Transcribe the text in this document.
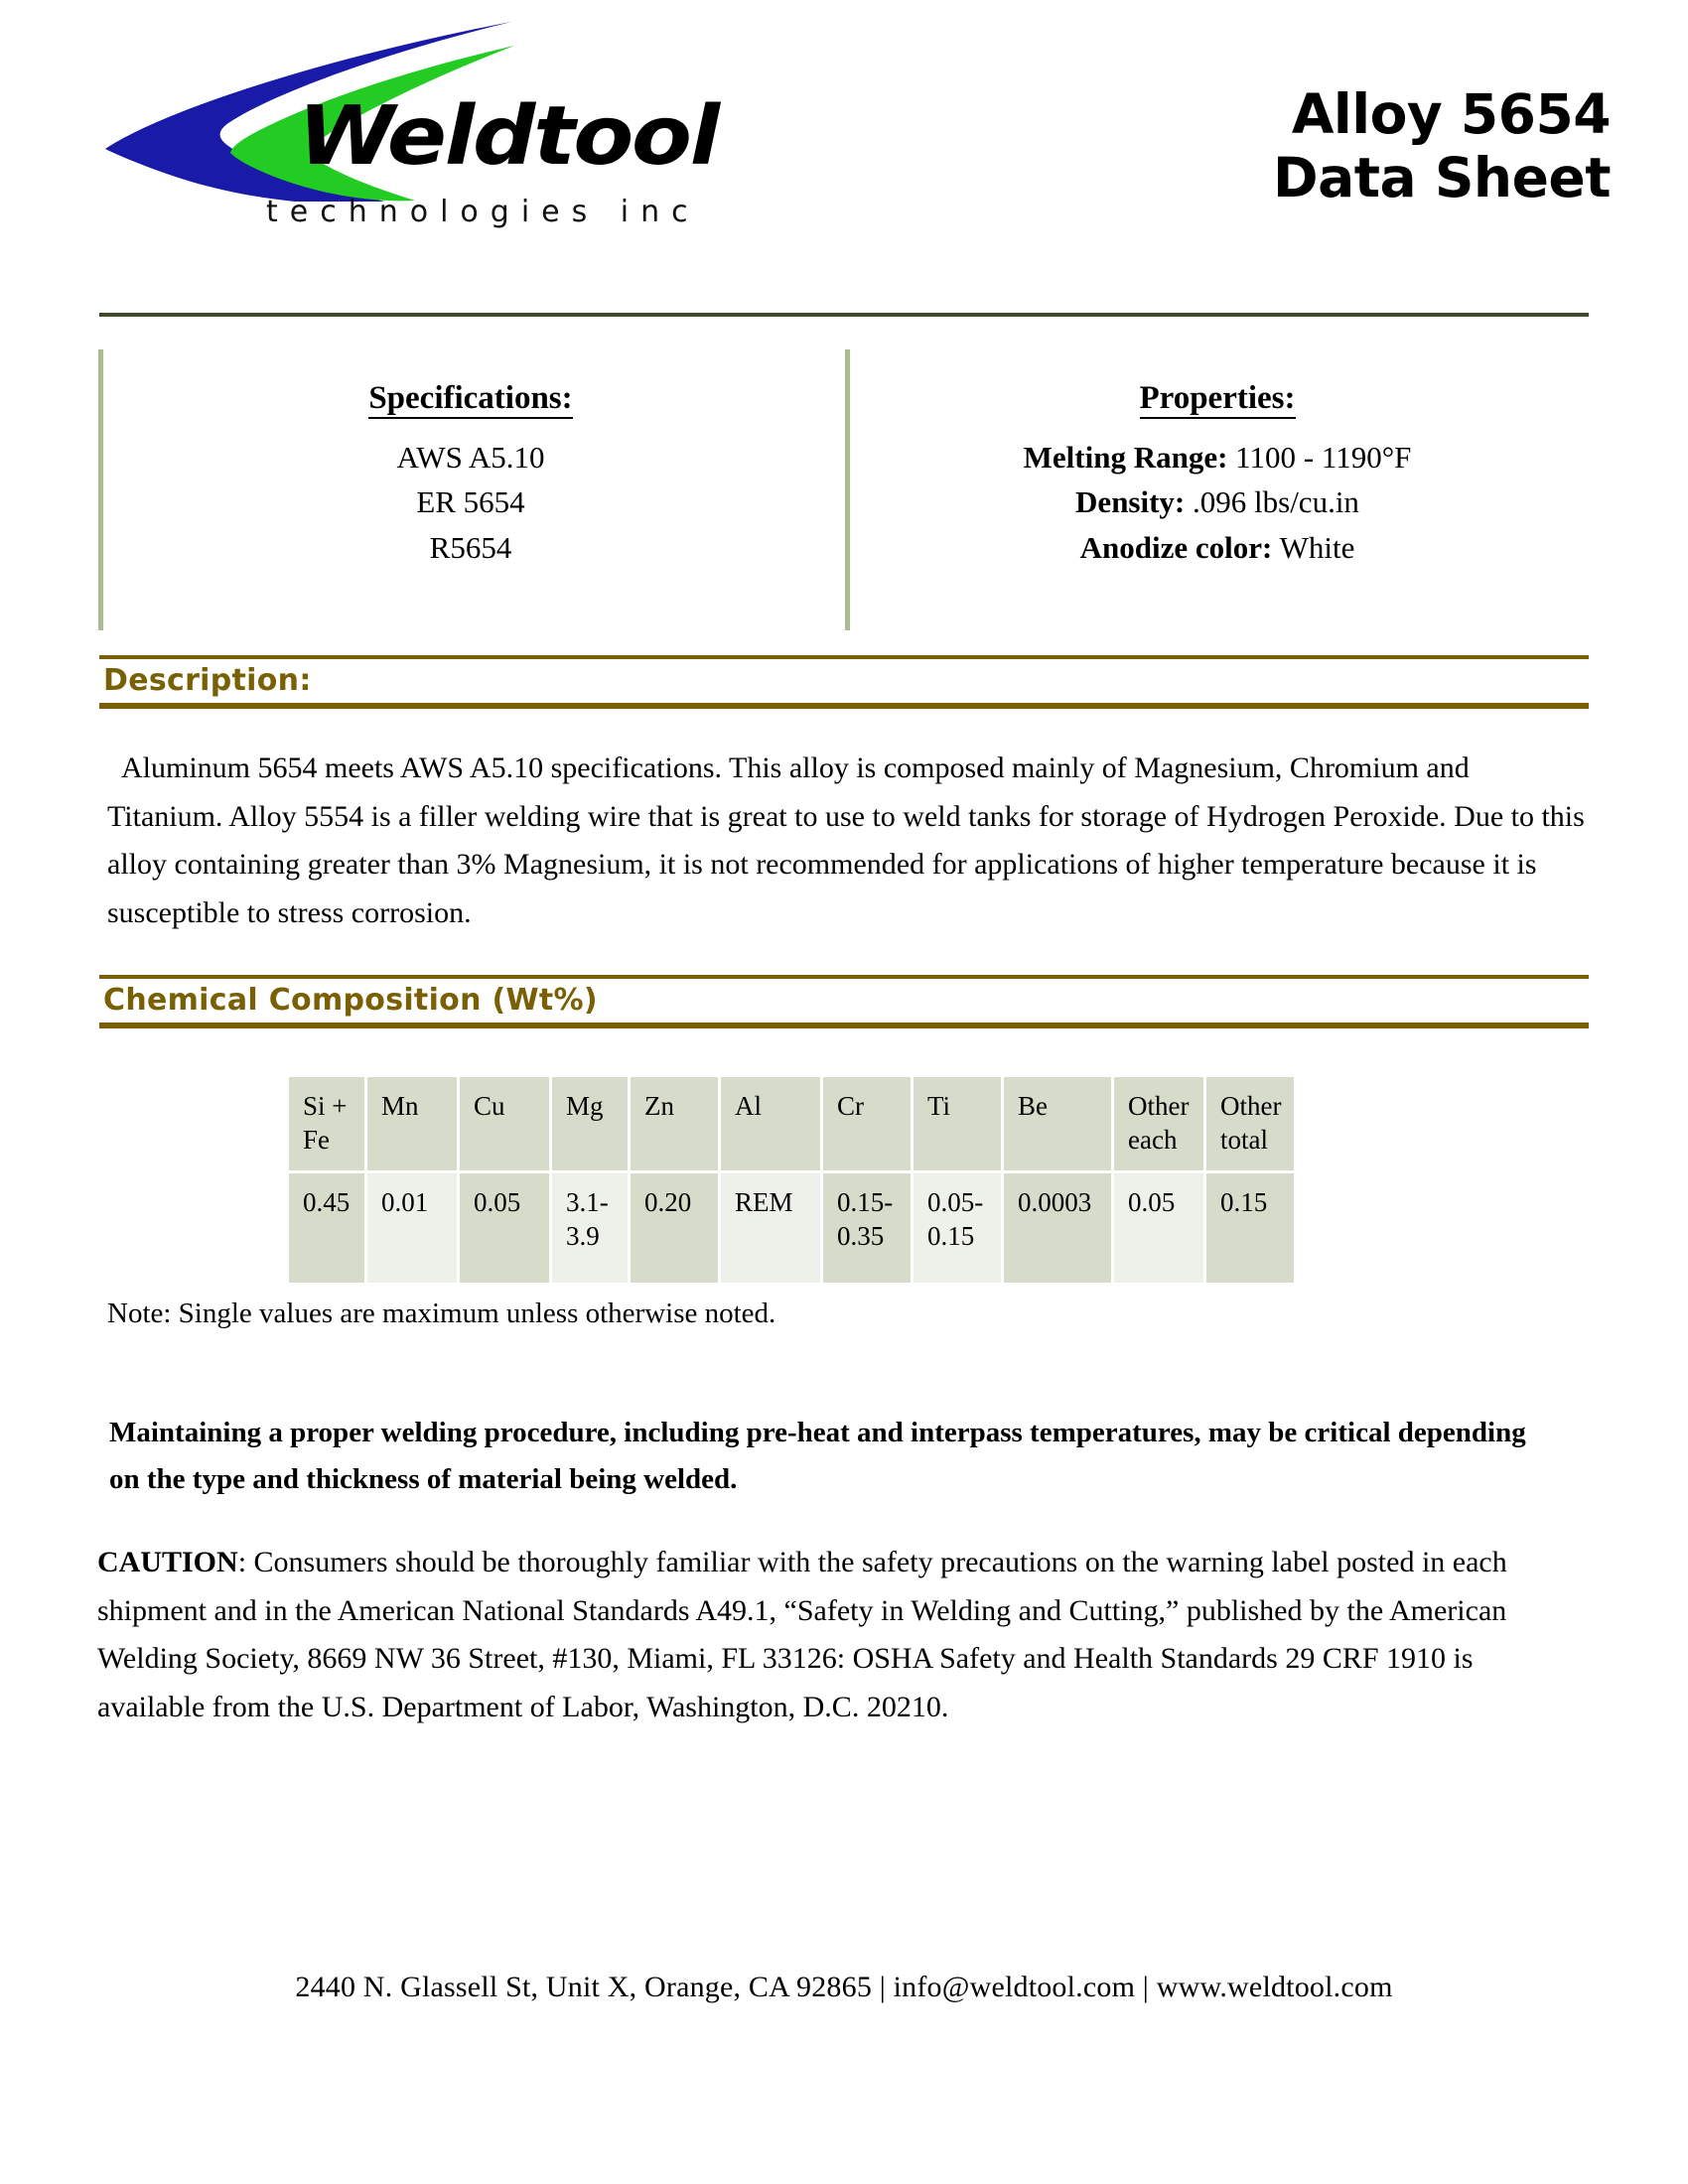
Weldtool
technologies inc
Alloy 5654
Data Sheet
Specifications:
AWS A5.10
ER 5654
R5654
Properties:
Melting Range: 1100 - 1190°F
Density: .096 lbs/cu.in
Anodize color: White
Description:
Aluminum 5654 meets AWS A5.10 specifications. This alloy is composed mainly of Magnesium, Chromium and Titanium. Alloy 5554 is a filler welding wire that is great to use to weld tanks for storage of Hydrogen Peroxide. Due to this alloy containing greater than 3% Magnesium, it is not recommended for applications of higher temperature because it is susceptible to stress corrosion.
Chemical Composition (Wt%)
Si + Fe	Mn	Cu	Mg	Zn	Al	Cr	Ti	Be	Other each	Other total
0.45	0.01	0.05	3.1-3.9	0.20	REM	0.15-0.35	0.05-0.15	0.0003	0.05	0.15
Note: Single values are maximum unless otherwise noted.
Maintaining a proper welding procedure, including pre-heat and interpass temperatures, may be critical depending on the type and thickness of material being welded.
CAUTION: Consumers should be thoroughly familiar with the safety precautions on the warning label posted in each shipment and in the American National Standards A49.1, “Safety in Welding and Cutting,” published by the American Welding Society, 8669 NW 36 Street, #130, Miami, FL 33126: OSHA Safety and Health Standards 29 CRF 1910 is available from the U.S. Department of Labor, Washington, D.C. 20210.
2440 N. Glassell St, Unit X, Orange, CA 92865 | info@weldtool.com | www.weldtool.com
